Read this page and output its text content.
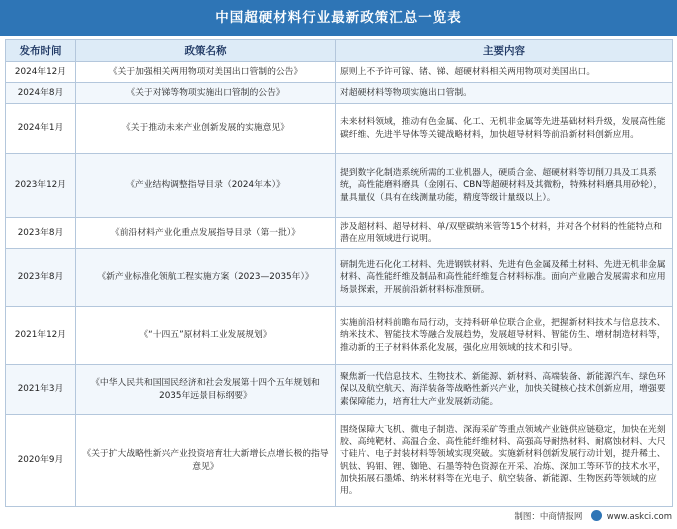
中国超硬材料行业最新政策汇总一览表
发布时间	政策名称	主要内容
2024年12月	《关于加强相关两用物项对美国出口管制的公告》	原则上不予许可镓、锗、锑、超硬材料相关两用物项对美国出口。
2024年8月	《关于对锑等物项实施出口管制的公告》	对超硬材料等物项实施出口管制。
2024年1月	《关于推动未来产业创新发展的实施意见》	未来材料领域，推动有色金属、化工、无机非金属等先进基础材料升级，发展高性能碳纤维、先进半导体等关键战略材料，加快超导材料等前沿新材料创新应用。
2023年12月	《产业结构调整指导目录（2024年本）》	提到数字化制造系统所需的工业机器人，硬质合金、超硬材料等切削刀具及工具系统，高性能磨料磨具（金刚石、CBN等超硬材料及其微粉，特殊材料磨具用砂轮），量具量仪（具有在线测量功能，精度等级计量级以上）。
2023年8月	《前沿材料产业化重点发展指导目录（第一批）》	涉及超材料、超导材料、单/双壁碳纳米管等15个材料，并对各个材料的性能特点和潜在应用领域进行说明。
2023年8月	《新产业标准化领航工程实施方案（2023—2035年）》	研制先进石化化工材料、先进钢铁材料、先进有色金属及稀土材料、先进无机非金属材料、高性能纤维及制品和高性能纤维复合材料标准。面向产业融合发展需求和应用场景探索，开展前沿新材料标准预研。
2021年12月	《“十四五”原材料工业发展规划》	实施前沿材料前瞻布局行动，支持科研单位联合企业，把握新材料技术与信息技术、纳米技术、智能技术等融合发展趋势，发展超导材料、智能仿生、增材制造材料等，推动新的王子材料体系化发展，强化应用领域的技术和引导。
2021年3月	《中华人民共和国国民经济和社会发展第十四个五年规划和2035年远景目标纲要》	聚焦新一代信息技术、生物技术、新能源、新材料、高端装备、新能源汽车、绿色环保以及航空航天、海洋装备等战略性新兴产业，加快关键核心技术创新应用，增强要素保障能力，培育壮大产业发展新动能。
2020年9月	《关于扩大战略性新兴产业投资培育壮大新增长点增长极的指导意见》	围绕保障大飞机、微电子制造、深海采矿等重点领域产业链供应链稳定，加快在光刻胶、高纯靶材、高温合金、高性能纤维材料、高强高导耐热材料、耐腐蚀材料、大尺寸硅片、电子封装材料等领域实现突破。实施新材料创新发展行动计划，提升稀土、钒钛、钨钼、锂、铷铯、石墨等特色资源在开采、冶炼、深加工等环节的技术水平，加快拓展石墨烯、纳米材料等在光电子、航空装备、新能源、生物医药等领域的应用。
制图：中商情报网	www.askci.com
